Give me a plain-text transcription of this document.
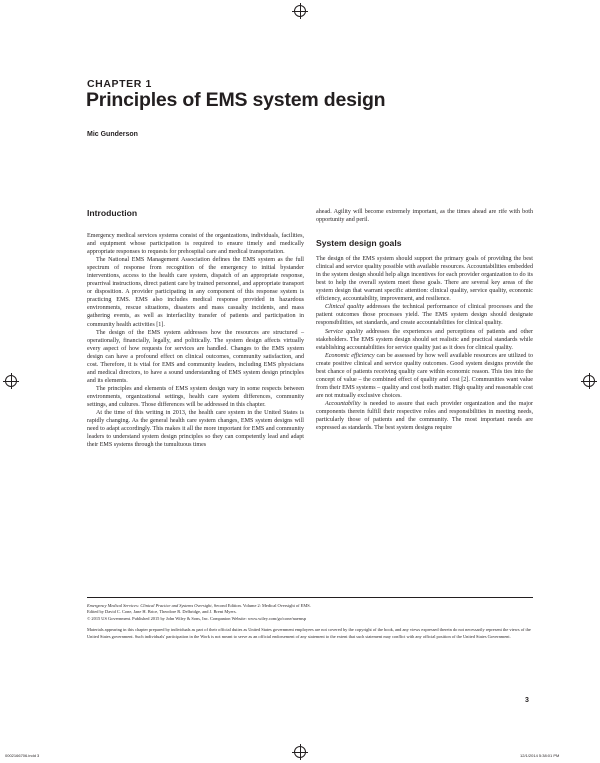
CHAPTER 1
Principles of EMS system design
Mic Gunderson
Introduction

Emergency medical services systems consist of the organizations, individuals, facilities, and equipment whose participation is required to ensure timely and medically appropriate responses to requests for prehospital care and medical transportation.

The National EMS Management Association defines the EMS system as the full spectrum of response from recognition of the emergency to initial bystander interventions, access to the health care system, dispatch of an appropriate response, prearrival instructions, direct patient care by trained personnel, and appropriate transport or disposition. A provider participating in any component of this response system is practicing EMS. EMS also includes medical response provided in hazardous environments, rescue situations, disasters and mass casualty incidents, and mass gathering events, as well as interfacility transfer of patients and participation in community health activities [1].

The design of the EMS system addresses how the resources are structured – operationally, financially, legally, and politically. The system design affects virtually every aspect of how requests for services are handled. Changes to the EMS system design can have a profound effect on clinical outcomes, community satisfaction, and cost. Therefore, it is vital for EMS and community leaders, including EMS physicians and medical directors, to have a sound understanding of EMS system design principles and its elements.

The principles and elements of EMS system design vary in some respects between environments, organizational settings, health care system differences, community settings, and cultures. Those differences will be addressed in this chapter.

At the time of this writing in 2013, the health care system in the United States is rapidly changing. As the general health care system changes, EMS system designs will need to adapt accordingly. This makes it all the more important for EMS and community leaders to understand system design principles so they can competently lead and adapt their EMS systems through the tumultuous times

ahead. Agility will become extremely important, as the times ahead are rife with both opportunity and peril.

System design goals

The design of the EMS system should support the primary goals of providing the best clinical and service quality possible with available resources. Accountabilities embedded in the system design should help align incentives for each provider organization to do its best to help the overall system meet these goals. There are several key areas of the system design that warrant specific attention: clinical quality, service quality, economic efficiency, accountability, improvement, and resilience.

Clinical quality addresses the technical performance of clinical processes and the patient outcomes those processes yield. The EMS system design should designate responsibilities, set standards, and create accountabilities for clinical quality.

Service quality addresses the experiences and perceptions of patients and other stakeholders. The EMS system design should set realistic and practical standards while establishing accountabilities for service quality just as it does for clinical quality.

Economic efficiency can be assessed by how well available resources are utilized to create positive clinical and service quality outcomes. Good system designs provide the best chance of patients receiving quality care within economic reason. This ties into the concept of value – the combined effect of quality and cost [2]. Communities want value from their EMS systems – quality and cost both matter. High quality and reasonable cost are not mutually exclusive choices.

Accountability is needed to assure that each provider organization and the major components therein fulfill their respective roles and responsibilities in meeting needs, particularly those of patients and the community. The most important needs are expressed as standards. The best system designs require

Emergency Medical Services: Clinical Practice and Systems Oversight, Second Edition. Volume 2: Medical Oversight of EMS.
Edited by David C. Cone, Jane H. Brice, Theodore R. Delbridge, and J. Brent Myers.
© 2015 US Government. Published 2015 by John Wiley & Sons, Inc. Companion Website: www.wiley.com/go/cone/naemsp
Materials appearing in this chapter prepared by individuals as part of their official duties as United States government employees are not covered by the copyright of the book, and any views expressed therein do not necessarily represent the views of the United States government. Such individuals' participation in the Work is not meant to serve as an official endorsement of any statement to the extent that such statement may conflict with any official position of the United States Government.
3
0002166706.indd 3	12/1/2014 5:38:01 PM
